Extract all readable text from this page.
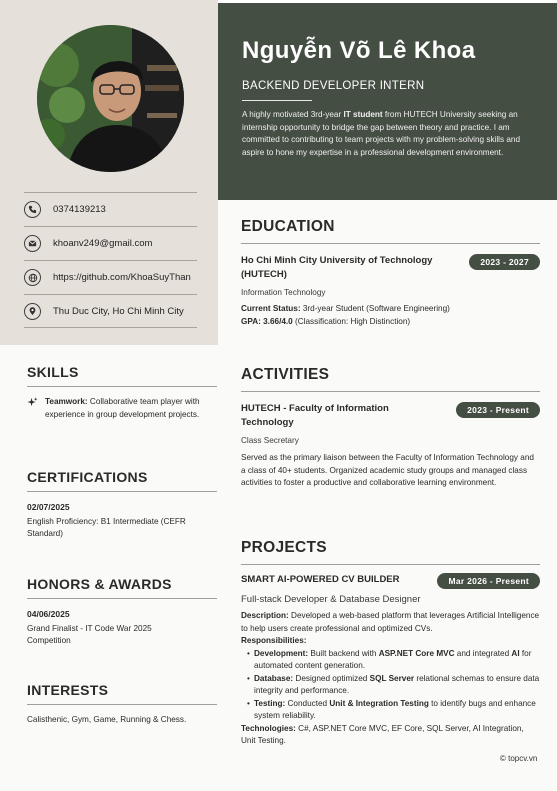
0374139213
khoanv249@gmail.com
https://github.com/KhoaSuyThan
Thu Duc City, Ho Chi Minh City
SKILLS
Teamwork: Collaborative team player with experience in group development projects.
CERTIFICATIONS
02/07/2025
English Proficiency: B1 Intermediate (CEFR Standard)
HONORS & AWARDS
04/06/2025
Grand Finalist - IT Code War 2025 Competition
INTERESTS
Calisthenic, Gym, Game, Running & Chess.
Nguyễn Võ Lê Khoa
BACKEND DEVELOPER INTERN
A highly motivated 3rd-year IT student from HUTECH University seeking an internship opportunity to bridge the gap between theory and practice. I am committed to contributing to team projects with my problem-solving skills and aspire to hone my expertise in a professional development environment.
EDUCATION
Ho Chi Minh City University of Technology (HUTECH)
2023 - 2027
Information Technology
Current Status: 3rd-year Student (Software Engineering)
GPA: 3.66/4.0 (Classification: High Distinction)
ACTIVITIES
HUTECH - Faculty of Information Technology
2023 - Present
Class Secretary
Served as the primary liaison between the Faculty of Information Technology and a class of 40+ students. Organized academic study groups and managed class activities to foster a productive and collaborative learning environment.
PROJECTS
SMART AI-POWERED CV BUILDER	Mar 2026 - Present
Full-stack Developer & Database Designer
Description: Developed a web-based platform that leverages Artificial Intelligence to help users create professional and optimized CVs.
Responsibilities:
• Development: Built backend with ASP.NET Core MVC and integrated AI for automated content generation.
• Database: Designed optimized SQL Server relational schemas to ensure data integrity and performance.
• Testing: Conducted Unit & Integration Testing to identify bugs and enhance system reliability.
Technologies: C#, ASP.NET Core MVC, EF Core, SQL Server, AI Integration, Unit Testing.
© topcv.vn
